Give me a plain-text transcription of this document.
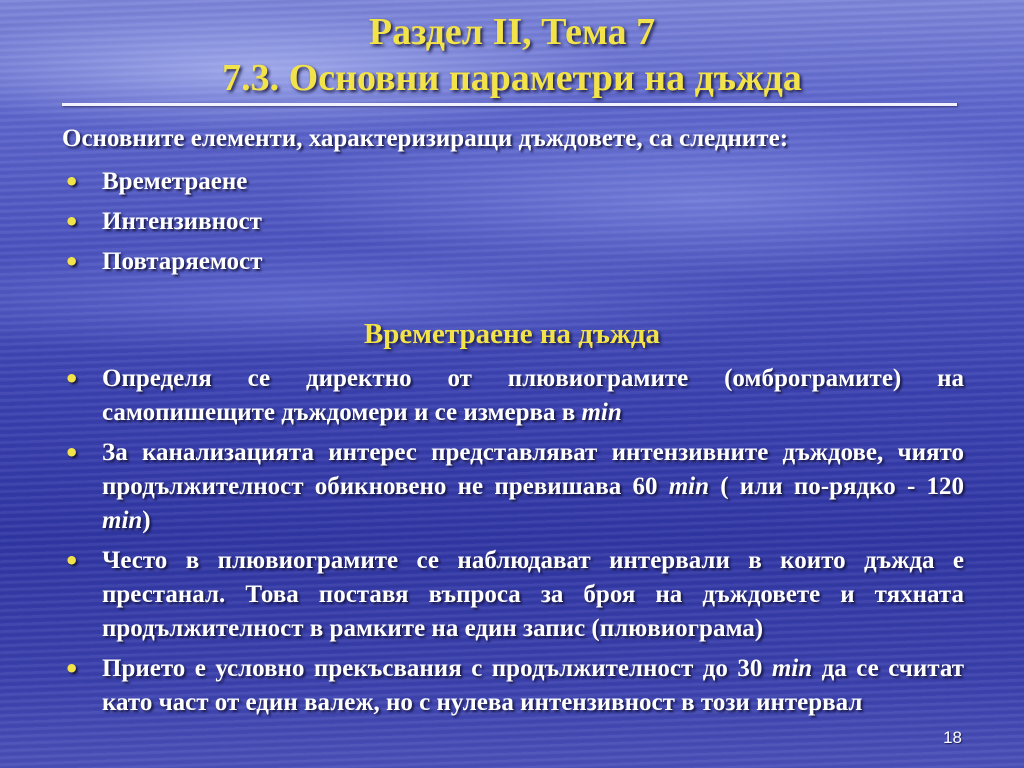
Раздел II, Тема 7
7.3. Основни параметри на дъжда
Основните елементи, характеризиращи дъждовете, са следните:
• Времетраене
• Интензивност
• Повтаряемост
Времетраене на дъжда
• Определя се директно от плювиограмите (омброграмите) на самопишещите дъждомери и се измерва в min
• За канализацията интерес представляват интензивните дъждове, чиято продължителност обикновено не превишава 60 min ( или по-рядко - 120 min)
• Често в плювиограмите се наблюдават интервали в които дъжда е престанал. Това поставя въпроса за броя на дъждовете и тяхната продължителност в рамките на един запис (плювиограма)
• Прието е условно прекъсвания с продължителност до 30 min да се считат като част от един валеж, но с нулева интензивност в този интервал
18
